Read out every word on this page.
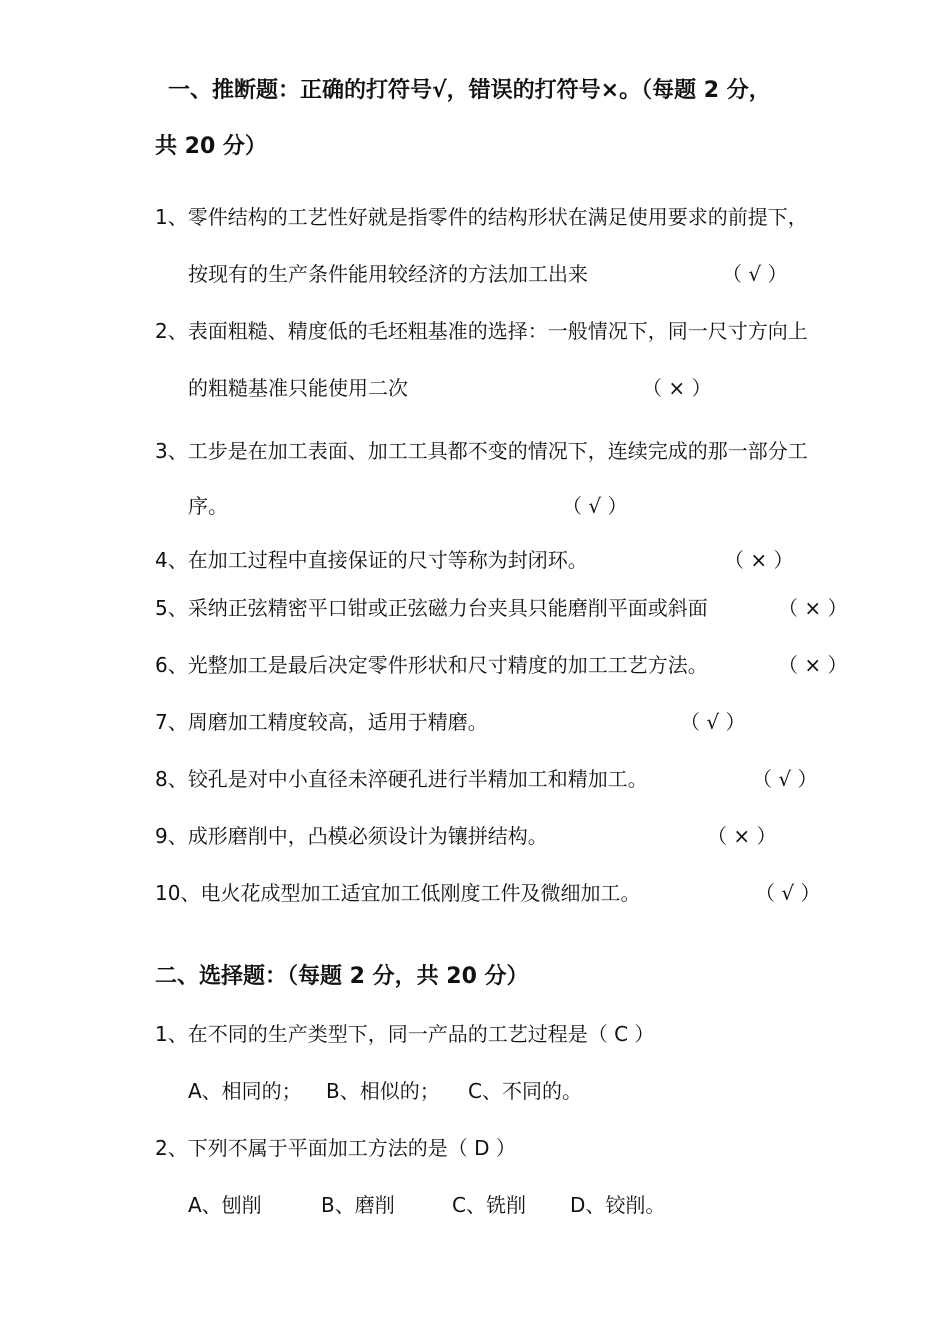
一、推断题：正确的打符号√，错误的打符号×。（每题 2 分，
共 20 分）
1、零件结构的工艺性好就是指零件的结构形状在满足使用要求的前提下，
按现有的生产条件能用较经济的方法加工出来	（ √ ）
2、表面粗糙、精度低的毛坯粗基准的选择：一般情况下，同一尺寸方向上
的粗糙基准只能使用二次	（ × ）
3、工步是在加工表面、加工工具都不变的情况下，连续完成的那一部分工
序。	（ √ ）
4、在加工过程中直接保证的尺寸等称为封闭环。	（ × ）
5、采纳正弦精密平口钳或正弦磁力台夹具只能磨削平面或斜面	（ × ）
6、光整加工是最后决定零件形状和尺寸精度的加工工艺方法。	（ × ）
7、周磨加工精度较高，适用于精磨。	（ √ ）
8、铰孔是对中小直径未淬硬孔进行半精加工和精加工。	（ √ ）
9、成形磨削中，凸模必须设计为镶拼结构。	（ × ）
10、电火花成型加工适宜加工低刚度工件及微细加工。	（ √ ）
二、选择题：（每题 2 分，共 20 分）
1、在不同的生产类型下，同一产品的工艺过程是（ C ）
A、相同的； B、相似的； C、不同的。
2、下列不属于平面加工方法的是（ D ）
A、刨削	B、磨削	C、铣削 D、铰削。
